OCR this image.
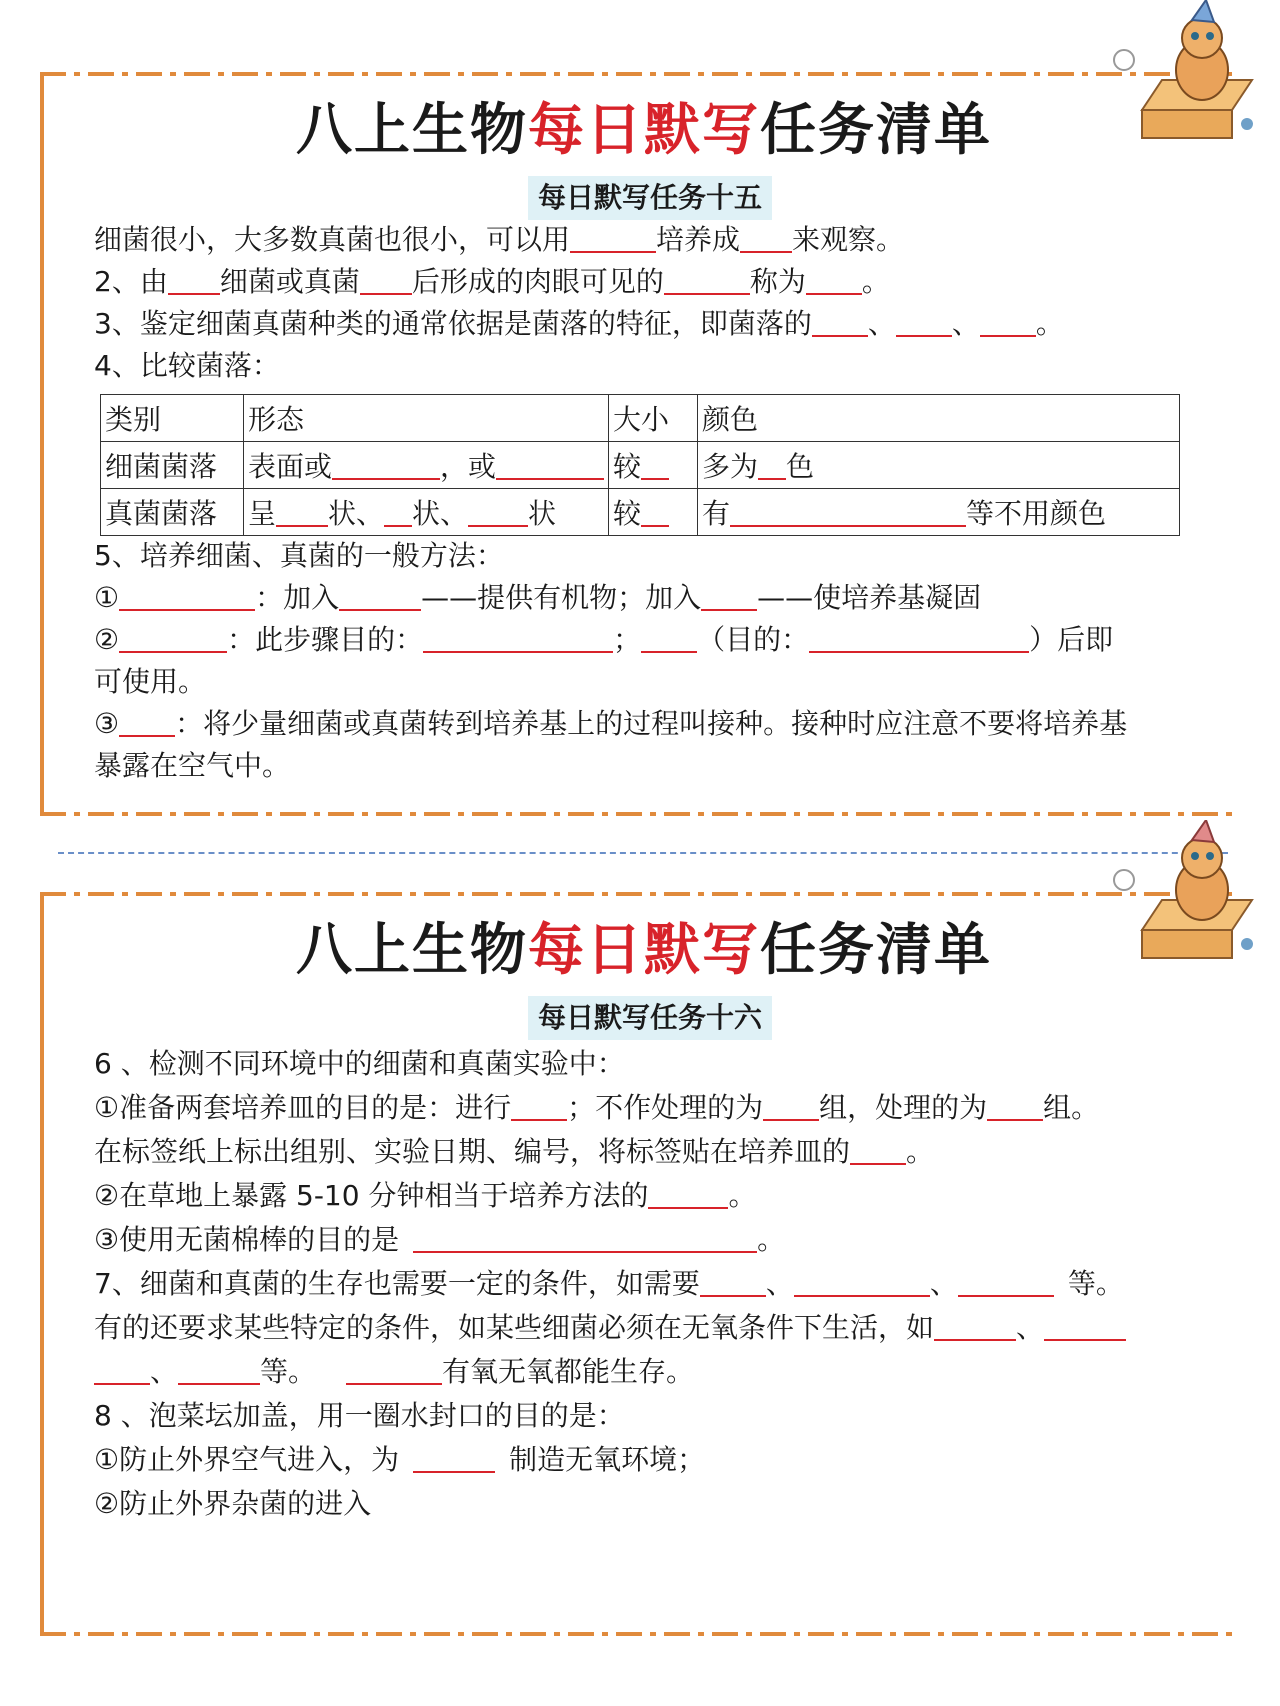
八上生物每日默写任务清单
每日默写任务十五
细菌很小，大多数真菌也很小，可以用	培养成 来观察。
2、由 细菌或真菌 后形成的肉眼可见的	称为 。
3、鉴定细菌真菌种类的通常依据是菌落的特征，即菌落的 、 、 。
4、比较菌落：
类别	形态	大小	颜色
细菌菌落	表面或 ，或	较	多为 色
真菌菌落	呈 状、 状、 状	较	有 等不用颜色
5、培养细菌、真菌的一般方法：
①	：加入	——提供有机物；加入 ——使培养基凝固
②	：此步骤目的：	； （目的：	）后即
可使用。
③ ：将少量细菌或真菌转到培养基上的过程叫接种。接种时应注意不要将培养基
暴露在空气中。
八上生物每日默写任务清单
每日默写任务十六
6 、检测不同环境中的细菌和真菌实验中：
①准备两套培养皿的目的是：进行 ；不作处理的为 组，处理的为 组。
在标签纸上标出组别、实验日期、编号，将标签贴在培养皿的 。
②在草地上暴露 5-10 分钟相当于培养方法的	。
③使用无菌棉棒的目的是	。
7、细菌和真菌的生存也需要一定的条件，如需要 、	、	等。
有的还要求某些特定的条件，如某些细菌必须在无氧条件下生活，如	、
、	等。	有氧无氧都能生存。
8 、泡菜坛加盖，用一圈水封口的目的是：
①防止外界空气进入，为	制造无氧环境；
②防止外界杂菌的进入
